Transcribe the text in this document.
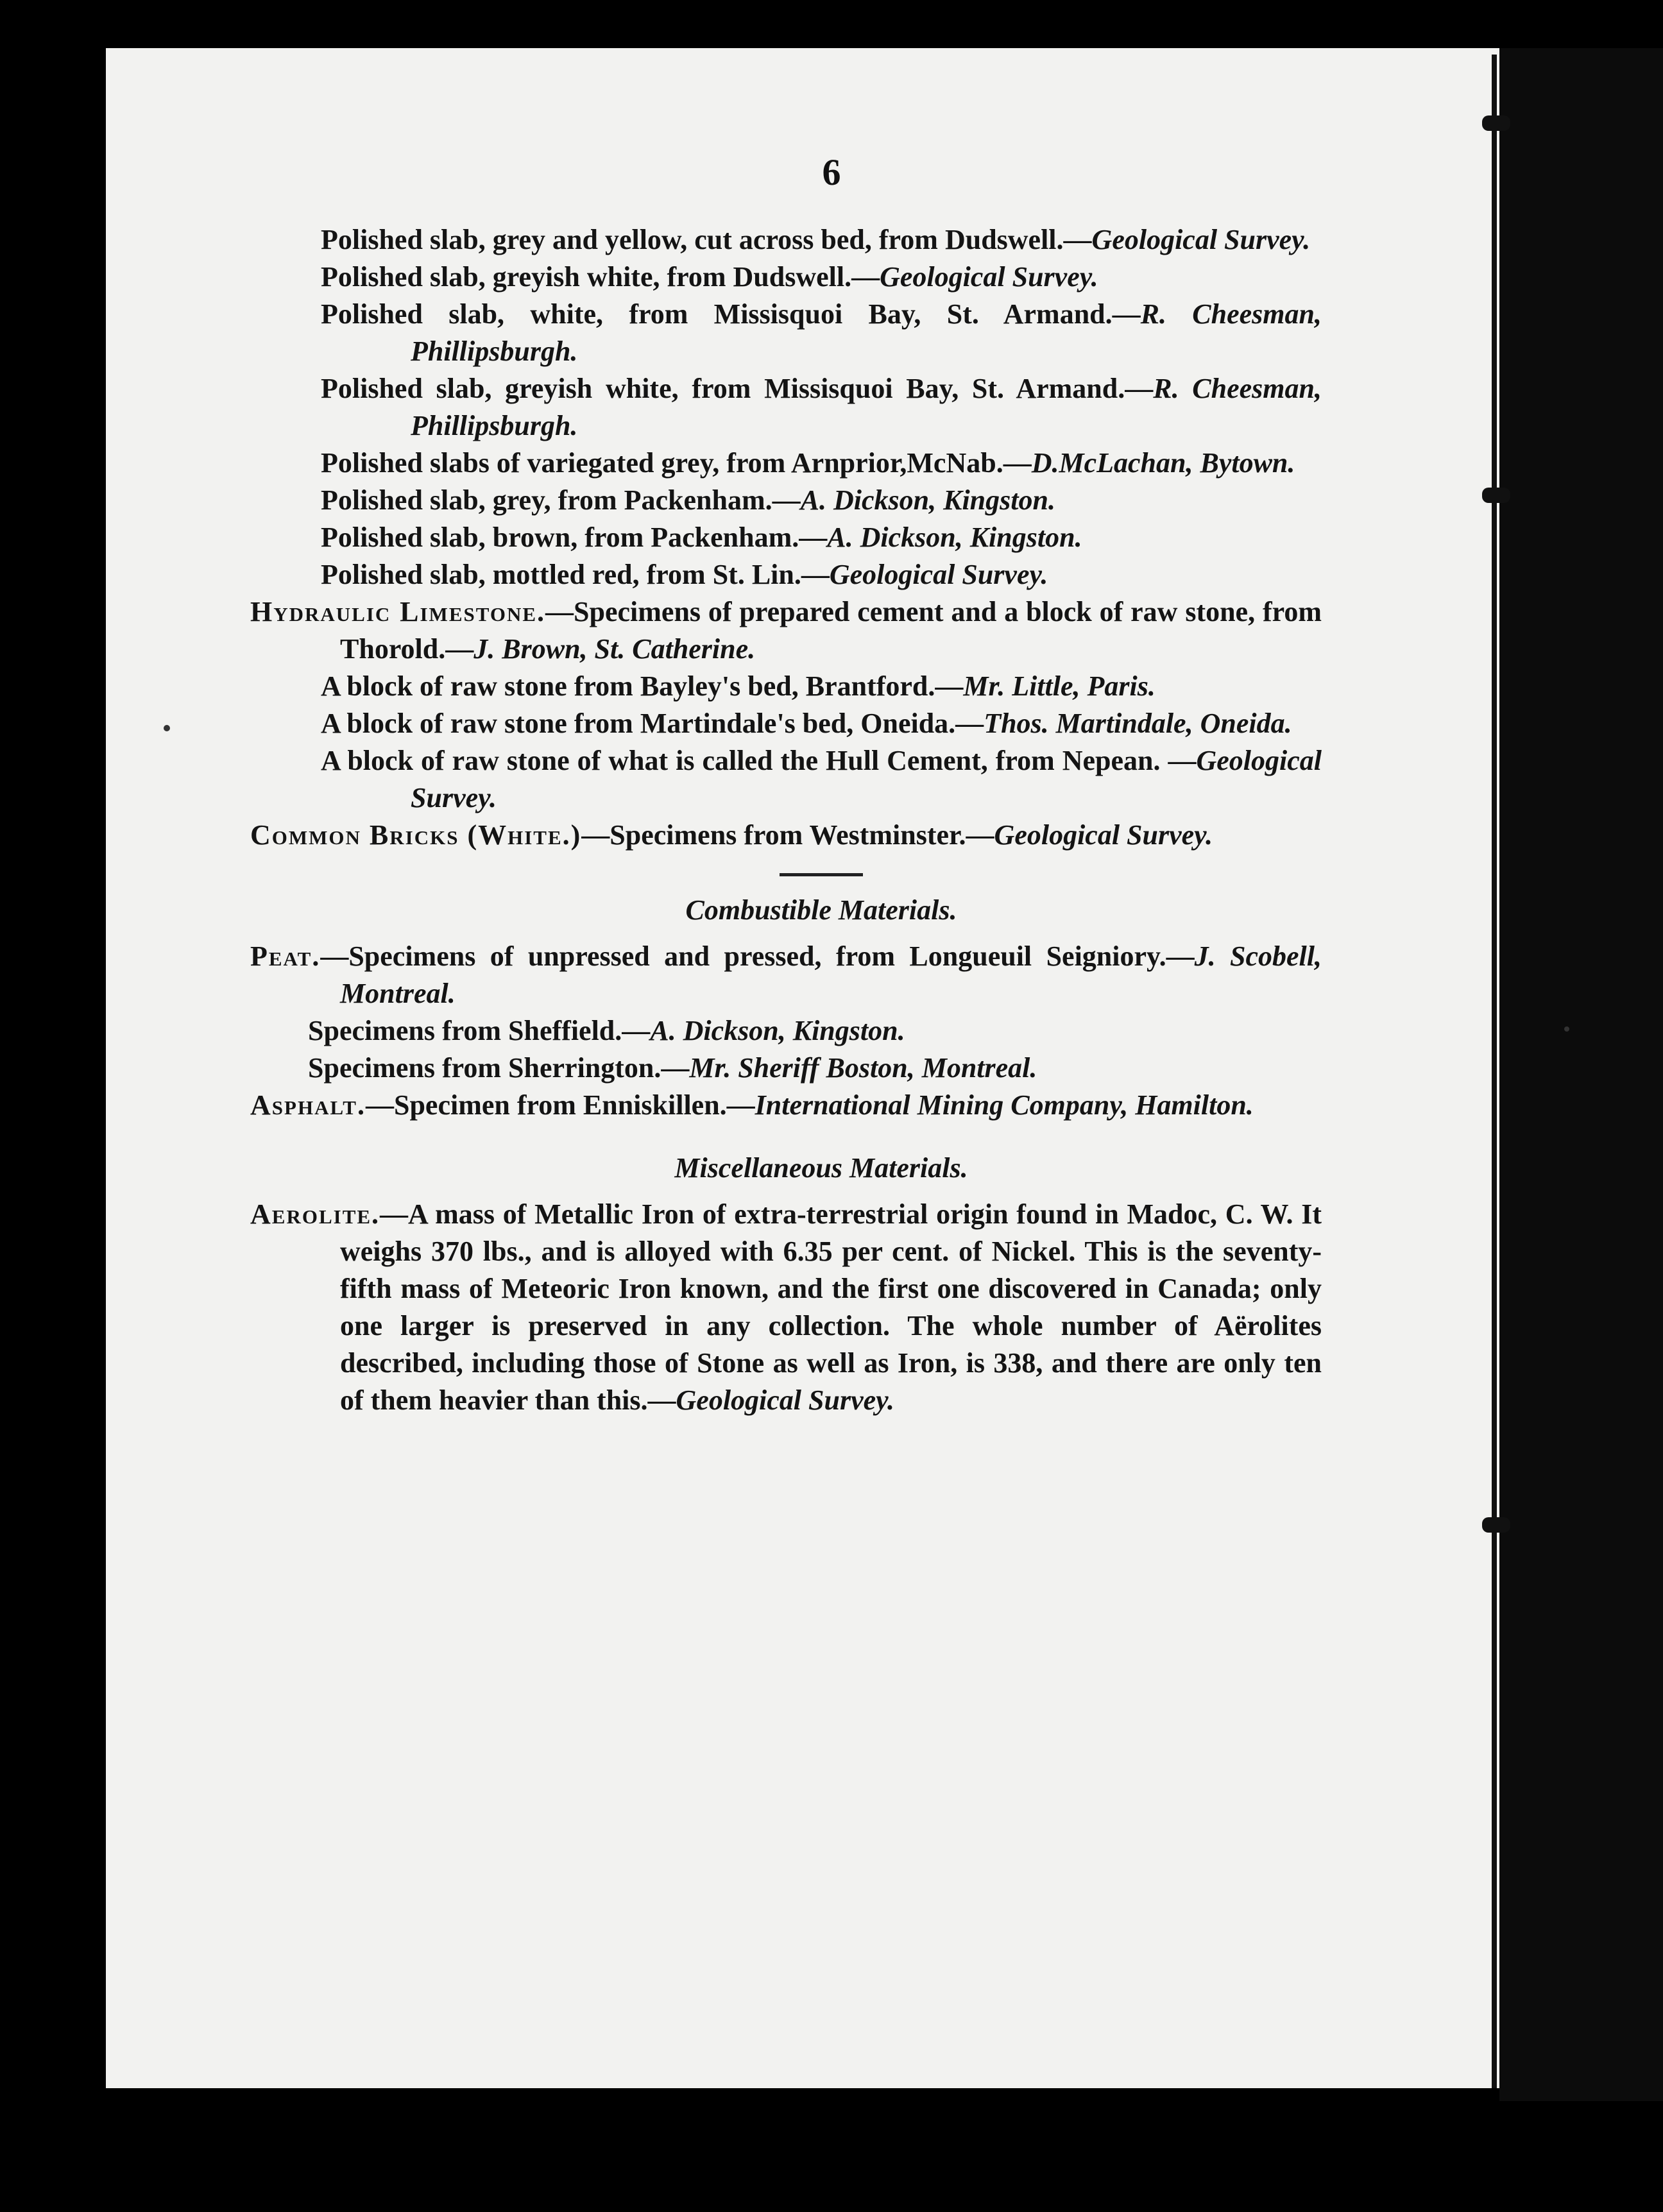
6

Polished slab, grey and yellow, cut across bed, from Dudswell.—Geological Survey.

Polished slab, greyish white, from Dudswell.—Geological Survey.

Polished slab, white, from Missisquoi Bay, St. Armand.—R. Cheesman, Phillipsburgh.

Polished slab, greyish white, from Missisquoi Bay, St. Armand.—R. Cheesman, Phillipsburgh.

Polished slabs of variegated grey, from Arnprior,McNab.—D.McLachan, Bytown.

Polished slab, grey, from Packenham.—A. Dickson, Kingston.

Polished slab, brown, from Packenham.—A. Dickson, Kingston.

Polished slab, mottled red, from St. Lin.—Geological Survey.

Hydraulic Limestone.—Specimens of prepared cement and a block of raw stone, from Thorold.—J. Brown, St. Catherine.

A block of raw stone from Bayley's bed, Brantford.—Mr. Little, Paris.

A block of raw stone from Martindale's bed, Oneida.—Thos. Martindale, Oneida.

A block of raw stone of what is called the Hull Cement, from Nepean. —Geological Survey.

Common Bricks (White.)—Specimens from Westminster.—Geological Survey.

Combustible Materials.

Peat.—Specimens of unpressed and pressed, from Longueuil Seigniory.—J. Scobell, Montreal.

Specimens from Sheffield.—A. Dickson, Kingston.

Specimens from Sherrington.—Mr. Sheriff Boston, Montreal.

Asphalt.—Specimen from Enniskillen.—International Mining Company, Hamilton.

Miscellaneous Materials.

Aerolite.—A mass of Metallic Iron of extra-terrestrial origin found in Madoc, C. W. It weighs 370 lbs., and is alloyed with 6.35 per cent. of Nickel. This is the seventy-fifth mass of Meteoric Iron known, and the first one discovered in Canada; only one larger is preserved in any collection. The whole number of Aërolites described, including those of Stone as well as Iron, is 338, and there are only ten of them heavier than this.—Geological Survey.
